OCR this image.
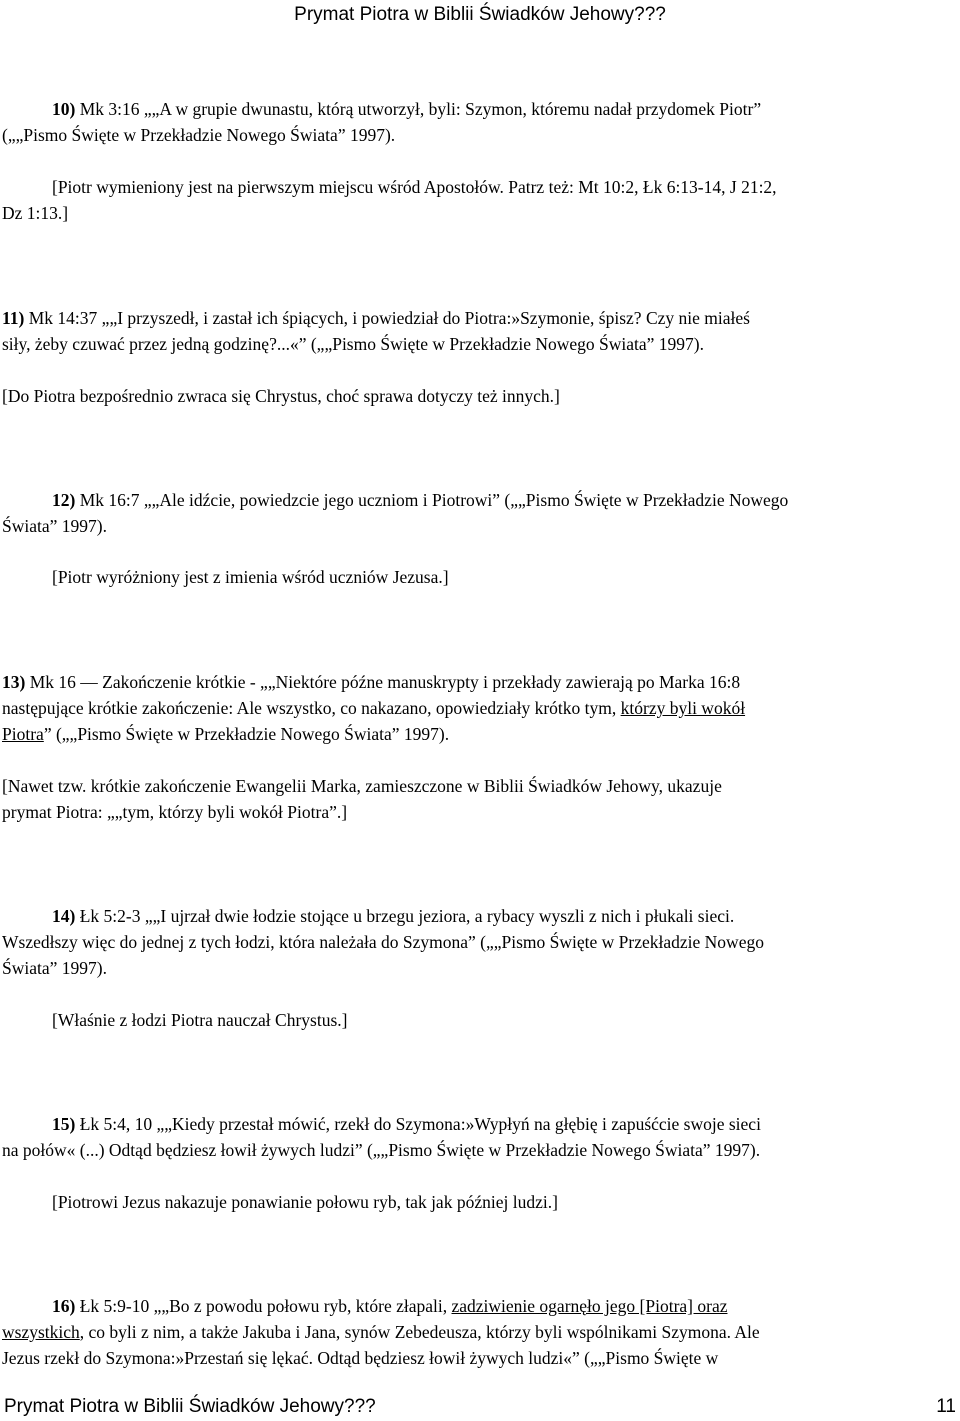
Prymat Piotra w Biblii Świadków Jehowy???

10) Mk 3:16 „„A w grupie dwunastu, którą utworzył, byli: Szymon, któremu nadał przydomek Piotr”

(„„Pismo Święte w Przekładzie Nowego Świata” 1997).

[Piotr wymieniony jest na pierwszym miejscu wśród Apostołów. Patrz też: Mt 10:2, Łk 6:13-14, J 21:2,

Dz 1:13.]

11) Mk 14:37 „„I przyszedł, i zastał ich śpiących, i powiedział do Piotra:»Szymonie, śpisz? Czy nie miałeś

siły, żeby czuwać przez jedną godzinę?...«” („„Pismo Święte w Przekładzie Nowego Świata” 1997).

[Do Piotra bezpośrednio zwraca się Chrystus, choć sprawa dotyczy też innych.]

12) Mk 16:7 „„Ale idźcie, powiedzcie jego uczniom i Piotrowi” („„Pismo Święte w Przekładzie Nowego

Świata” 1997).

[Piotr wyróżniony jest z imienia wśród uczniów Jezusa.]

13) Mk 16 — Zakończenie krótkie - „„Niektóre późne manuskrypty i przekłady zawierają po Marka 16:8

następujące krótkie zakończenie: Ale wszystko, co nakazano, opowiedziały krótko tym, którzy byli wokół

Piotra” („„Pismo Święte w Przekładzie Nowego Świata” 1997).

[Nawet tzw. krótkie zakończenie Ewangelii Marka, zamieszczone w Biblii Świadków Jehowy, ukazuje

prymat Piotra: „„tym, którzy byli wokół Piotra”.]

14) Łk 5:2-3 „„I ujrzał dwie łodzie stojące u brzegu jeziora, a rybacy wyszli z nich i płukali sieci.

Wszedłszy więc do jednej z tych łodzi, która należała do Szymona” („„Pismo Święte w Przekładzie Nowego

Świata” 1997).

[Właśnie z łodzi Piotra nauczał Chrystus.]

15) Łk 5:4, 10 „„Kiedy przestał mówić, rzekł do Szymona:»Wypłyń na głębię i zapuśćcie swoje sieci

na połów« (...) Odtąd będziesz łowił żywych ludzi” („„Pismo Święte w Przekładzie Nowego Świata” 1997).

[Piotrowi Jezus nakazuje ponawianie połowu ryb, tak jak później ludzi.]

16) Łk 5:9-10 „„Bo z powodu połowu ryb, które złapali, zadziwienie ogarnęło jego [Piotra] oraz

wszystkich, co byli z nim, a także Jakuba i Jana, synów Zebedeusza, którzy byli wspólnikami Szymona. Ale

Jezus rzekł do Szymona:»Przestań się lękać. Odtąd będziesz łowił żywych ludzi«” („„Pismo Święte w

Prymat Piotra w Biblii Świadków Jehowy???	11
